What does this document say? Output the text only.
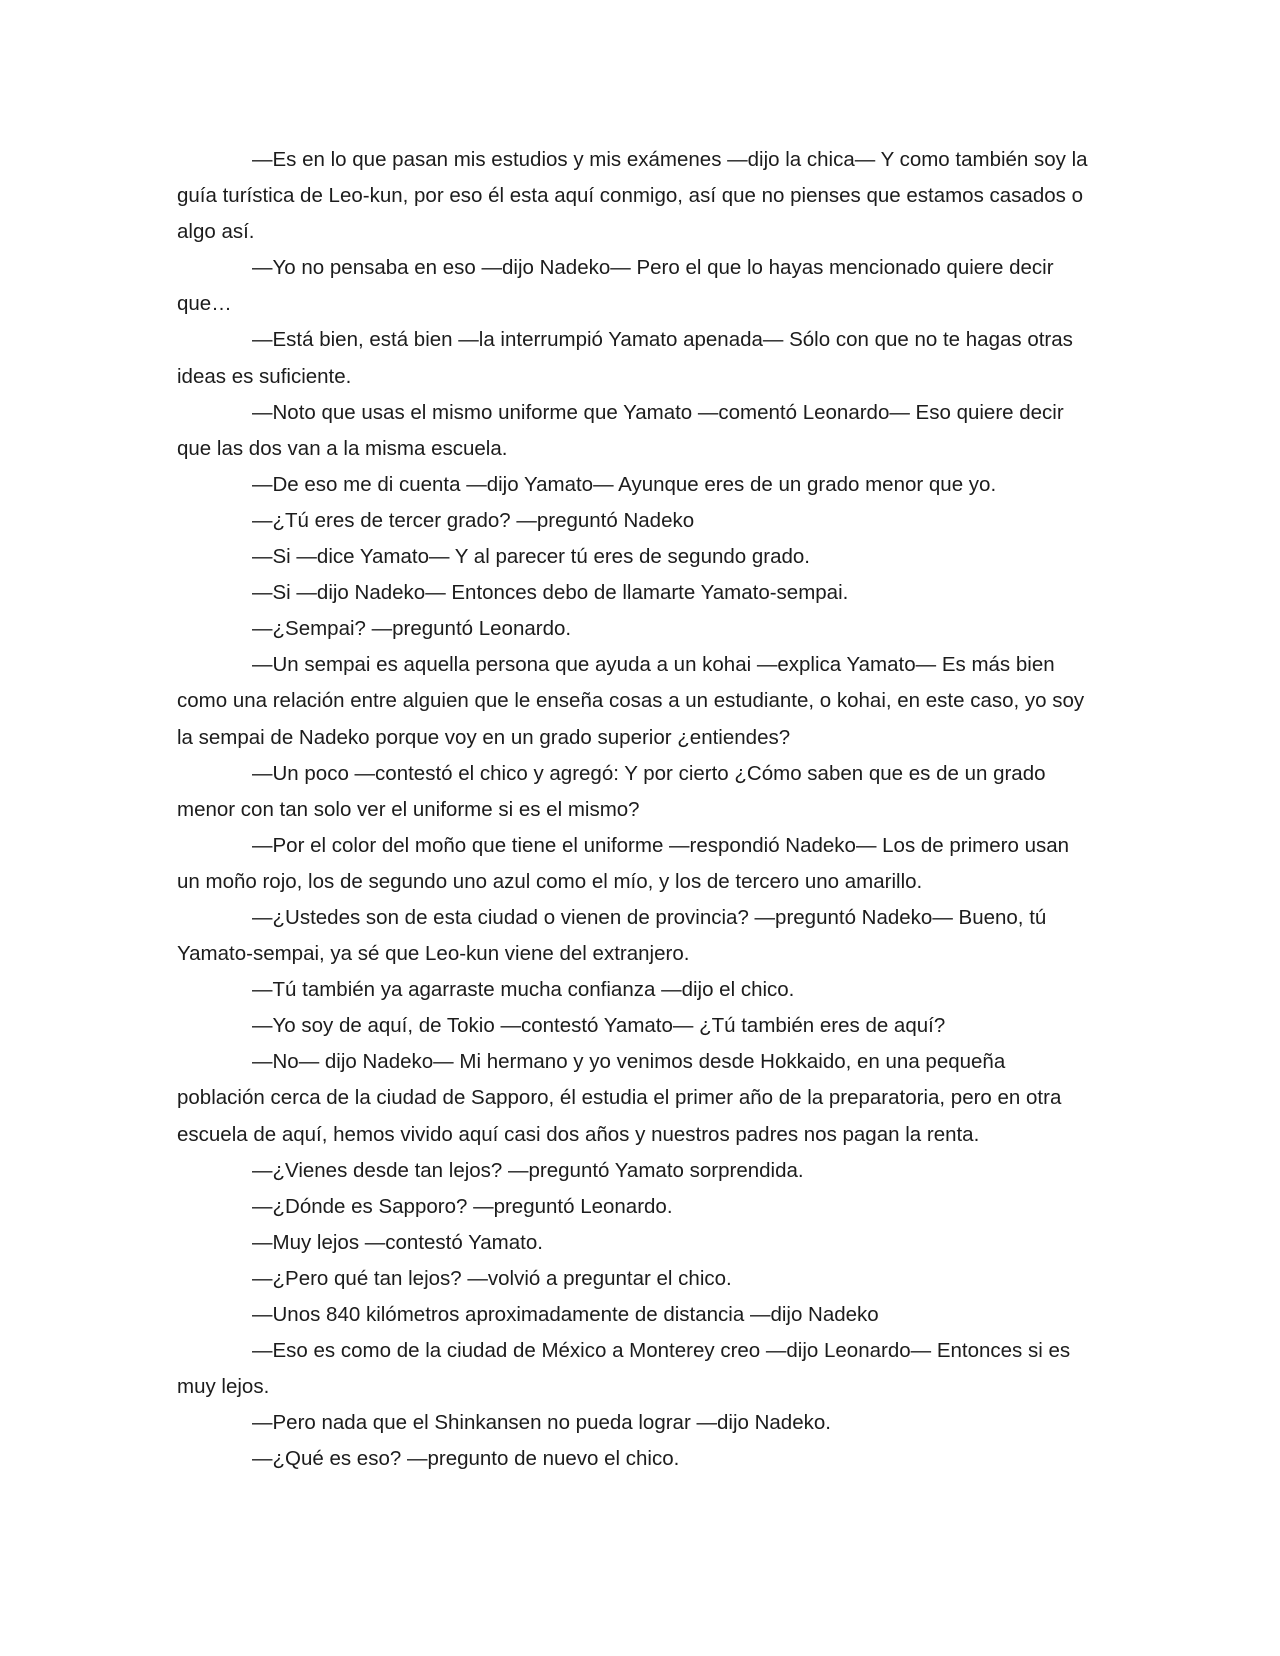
—Es en lo que pasan mis estudios y mis exámenes —dijo la chica— Y como también soy la guía turística de Leo-kun, por eso él esta aquí conmigo, así que no pienses que estamos casados o algo así.

—Yo no pensaba en eso —dijo Nadeko— Pero el que lo hayas mencionado quiere decir que…

—Está bien, está bien —la interrumpió Yamato apenada— Sólo con que no te hagas otras ideas es suficiente.

—Noto que usas el mismo uniforme que Yamato —comentó Leonardo— Eso quiere decir que las dos van a la misma escuela.

—De eso me di cuenta —dijo Yamato— Ayunque eres de un grado menor que yo.

—¿Tú eres de tercer grado? —preguntó Nadeko

—Si —dice Yamato— Y al parecer tú eres de segundo grado.

—Si —dijo Nadeko— Entonces debo de llamarte Yamato-sempai.

—¿Sempai? —preguntó Leonardo.

—Un sempai es aquella persona que ayuda a un kohai —explica Yamato— Es más bien como una relación entre alguien que le enseña cosas a un estudiante, o kohai, en este caso, yo soy la sempai de Nadeko porque voy en un grado superior ¿entiendes?

—Un poco —contestó el chico y agregó: Y por cierto ¿Cómo saben que es de un grado menor con tan solo ver el uniforme si es el mismo?

—Por el color del moño que tiene el uniforme —respondió Nadeko— Los de primero usan un moño rojo, los de segundo uno azul como el mío, y los de tercero uno amarillo.

—¿Ustedes son de esta ciudad o vienen de provincia? —preguntó Nadeko— Bueno, tú Yamato-sempai, ya sé que Leo-kun viene del extranjero.

—Tú también ya agarraste mucha confianza —dijo el chico.

—Yo soy de aquí, de Tokio —contestó Yamato— ¿Tú también eres de aquí?

—No— dijo Nadeko— Mi hermano y yo venimos desde Hokkaido, en una pequeña población cerca de la ciudad de Sapporo, él estudia el primer año de la preparatoria, pero en otra escuela de aquí, hemos vivido aquí casi dos años y nuestros padres nos pagan la renta.

—¿Vienes desde tan lejos? —preguntó Yamato sorprendida.

—¿Dónde es Sapporo? —preguntó Leonardo.

—Muy lejos —contestó Yamato.

—¿Pero qué tan lejos? —volvió a preguntar el chico.

—Unos 840 kilómetros aproximadamente de distancia —dijo Nadeko

—Eso es como de la ciudad de México a Monterey creo —dijo Leonardo— Entonces si es muy lejos.

—Pero nada que el Shinkansen no pueda lograr —dijo Nadeko.

—¿Qué es eso? —pregunto de nuevo el chico.
